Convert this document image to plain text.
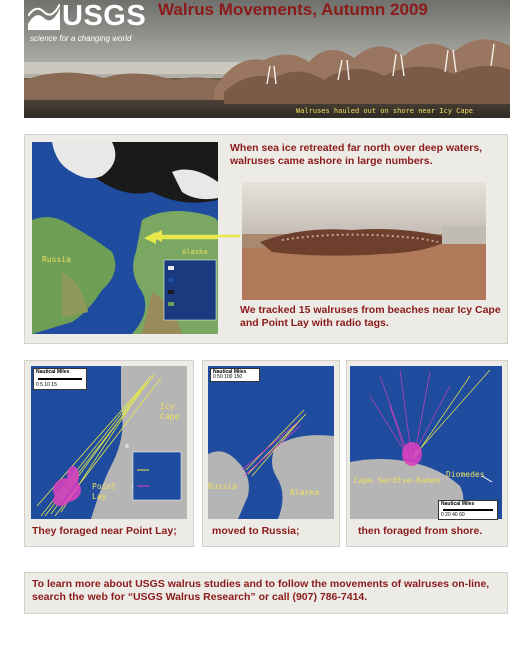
USGS
science for a changing world
Walruses hauled out on shore near Icy Cape
Walrus Movements, Autumn 2009
Russia
Alaska
When sea ice retreated far north over deep waters, walruses came ashore in large numbers.
We tracked 15 walruses from beaches near Icy Cape and Point Lay with radio tags.
Nautical Miles
0 5 10 15
Icy Cape
Point Lay
They foraged near Point Lay;
Nautical Miles
0 50 100 150
Russia
Alaska
moved to Russia;
Cape Serdtse-Kamen
Diomedes
Nautical Miles
0 20 40 60
then foraged from shore.
To learn more about USGS walrus studies and to follow the movements of walruses on-line, search the web for “USGS Walrus Research” or call (907) 786-7414.
